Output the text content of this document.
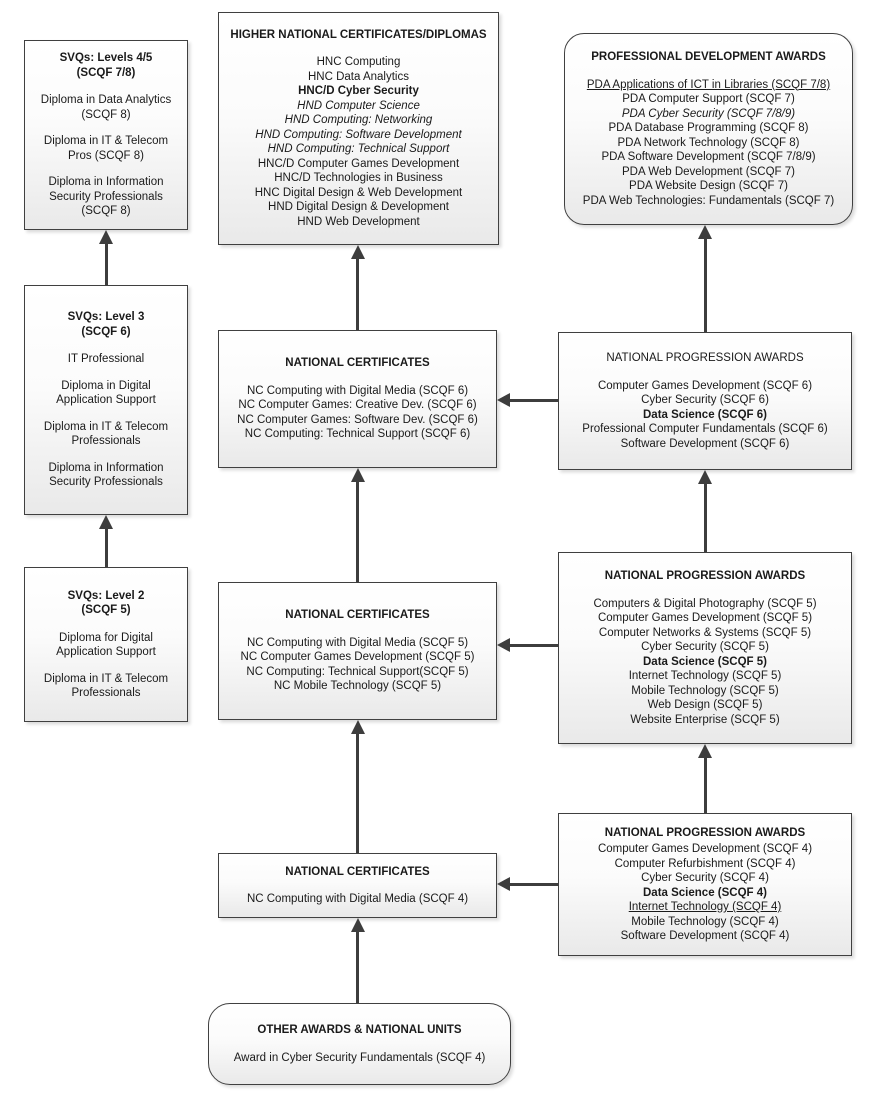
SVQs: Levels 4/5
(SCQF 7/8)
Diploma in Data Analytics (SCQF 8)
Diploma in IT & Telecom Pros (SCQF 8)
Diploma in Information Security Professionals (SCQF 8)
SVQs: Level 3
(SCQF 6)
IT Professional
Diploma in Digital Application Support
Diploma in IT & Telecom Professionals
Diploma in Information Security Professionals
SVQs: Level 2
(SCQF 5)
Diploma for Digital Application Support
Diploma in IT & Telecom Professionals
HIGHER NATIONAL CERTIFICATES/DIPLOMAS
HNC Computing
HNC Data Analytics
HNC/D Cyber Security
HND Computer Science
HND Computing: Networking
HND Computing: Software Development
HND Computing: Technical Support
HNC/D Computer Games Development
HNC/D Technologies in Business
HNC Digital Design & Web Development
HND Digital Design & Development
HND Web Development
NATIONAL CERTIFICATES
NC Computing with Digital Media (SCQF 6)
NC Computer Games: Creative Dev. (SCQF 6)
NC Computer Games: Software Dev. (SCQF 6)
NC Computing: Technical Support (SCQF 6)
NATIONAL CERTIFICATES
NC Computing with Digital Media (SCQF 5)
NC Computer Games Development (SCQF 5)
NC Computing: Technical Support(SCQF 5)
NC Mobile Technology (SCQF 5)
NATIONAL CERTIFICATES
NC Computing with Digital Media (SCQF 4)
OTHER AWARDS & NATIONAL UNITS
Award in Cyber Security Fundamentals (SCQF 4)
PROFESSIONAL DEVELOPMENT AWARDS
PDA Applications of ICT in Libraries (SCQF 7/8)
PDA Computer Support (SCQF 7)
PDA Cyber Security (SCQF 7/8/9)
PDA Database Programming (SCQF 8)
PDA Network Technology (SCQF 8)
PDA Software Development (SCQF 7/8/9)
PDA Web Development (SCQF 7)
PDA Website Design (SCQF 7)
PDA Web Technologies: Fundamentals (SCQF 7)
NATIONAL PROGRESSION AWARDS
Computer Games Development (SCQF 6)
Cyber Security (SCQF 6)
Data Science (SCQF 6)
Professional Computer Fundamentals (SCQF 6)
Software Development (SCQF 6)
NATIONAL PROGRESSION AWARDS
Computers & Digital Photography (SCQF 5)
Computer Games Development (SCQF 5)
Computer Networks & Systems (SCQF 5)
Cyber Security (SCQF 5)
Data Science (SCQF 5)
Internet Technology (SCQF 5)
Mobile Technology (SCQF 5)
Web Design (SCQF 5)
Website Enterprise (SCQF 5)
NATIONAL PROGRESSION AWARDS
Computer Games Development (SCQF 4)
Computer Refurbishment (SCQF 4)
Cyber Security (SCQF 4)
Data Science (SCQF 4)
Internet Technology (SCQF 4)
Mobile Technology (SCQF 4)
Software Development (SCQF 4)
